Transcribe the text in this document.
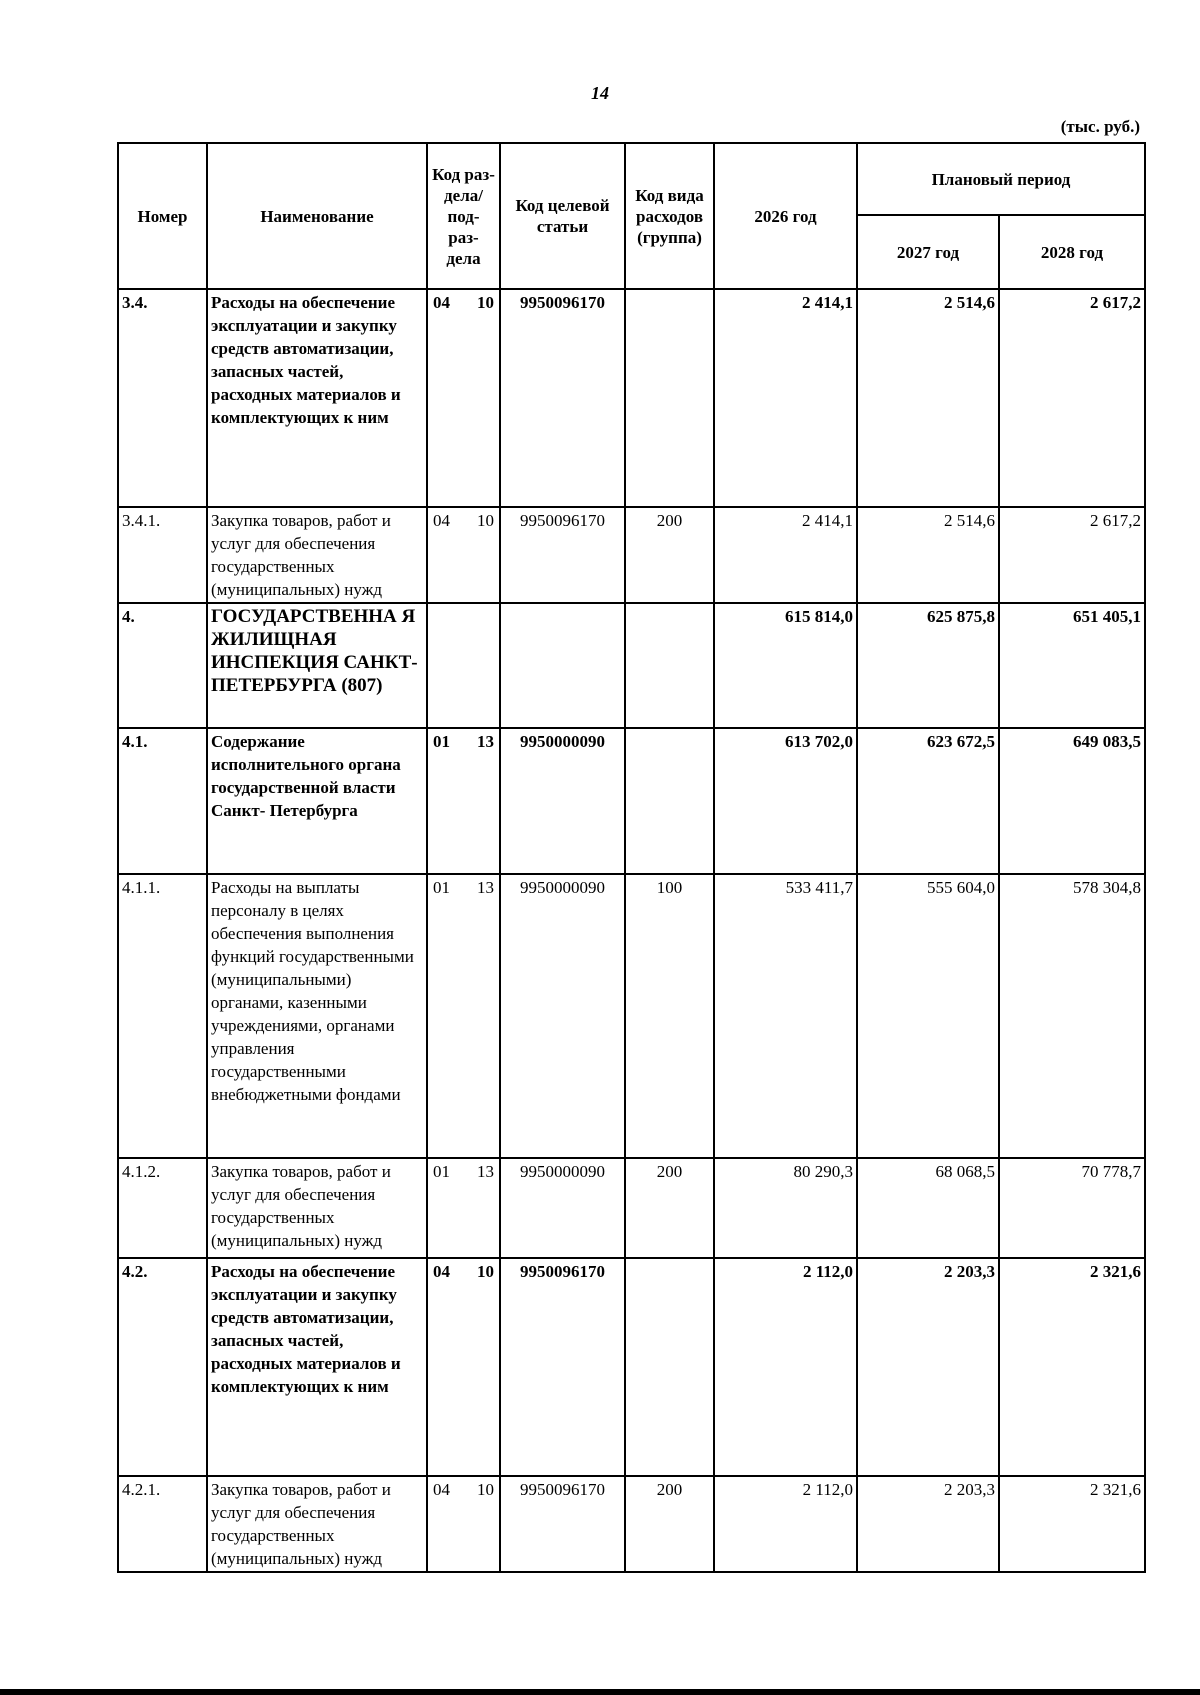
14
(тыс. руб.)
Номер	Наименование	Код раз- дела/ под- раз- дела	Код целевой статьи	Код вида расходов (группа)	2026 год	Плановый период	
						2027 год	2028 год
3.4.	Расходы на обеспечение эксплуатации и закупку средств автоматизации, запасных частей, расходных материалов и комплектующих к ним	04 10	9950096170		2 414,1	2 514,6	2 617,2
3.4.1.	Закупка товаров, работ и услуг для обеспечения государственных (муниципальных) нужд	04 10	9950096170	200	2 414,1	2 514,6	2 617,2
4.	ГОСУДАРСТВЕННА Я ЖИЛИЩНАЯ ИНСПЕКЦИЯ САНКТ- ПЕТЕРБУРГА (807)				615 814,0	625 875,8	651 405,1
4.1.	Содержание исполнительного органа государственной власти Санкт- Петербурга	01 13	9950000090		613 702,0	623 672,5	649 083,5
4.1.1.	Расходы на выплаты персоналу в целях обеспечения выполнения функций государственными (муниципальными) органами, казенными учреждениями, органами управления государственными внебюджетными фондами	01 13	9950000090	100	533 411,7	555 604,0	578 304,8
4.1.2.	Закупка товаров, работ и услуг для обеспечения государственных (муниципальных) нужд	01 13	9950000090	200	80 290,3	68 068,5	70 778,7
4.2.	Расходы на обеспечение эксплуатации и закупку средств автоматизации, запасных частей, расходных материалов и комплектующих к ним	04 10	9950096170		2 112,0	2 203,3	2 321,6
4.2.1.	Закупка товаров, работ и услуг для обеспечения государственных (муниципальных) нужд	04 10	9950096170	200	2 112,0	2 203,3	2 321,6
